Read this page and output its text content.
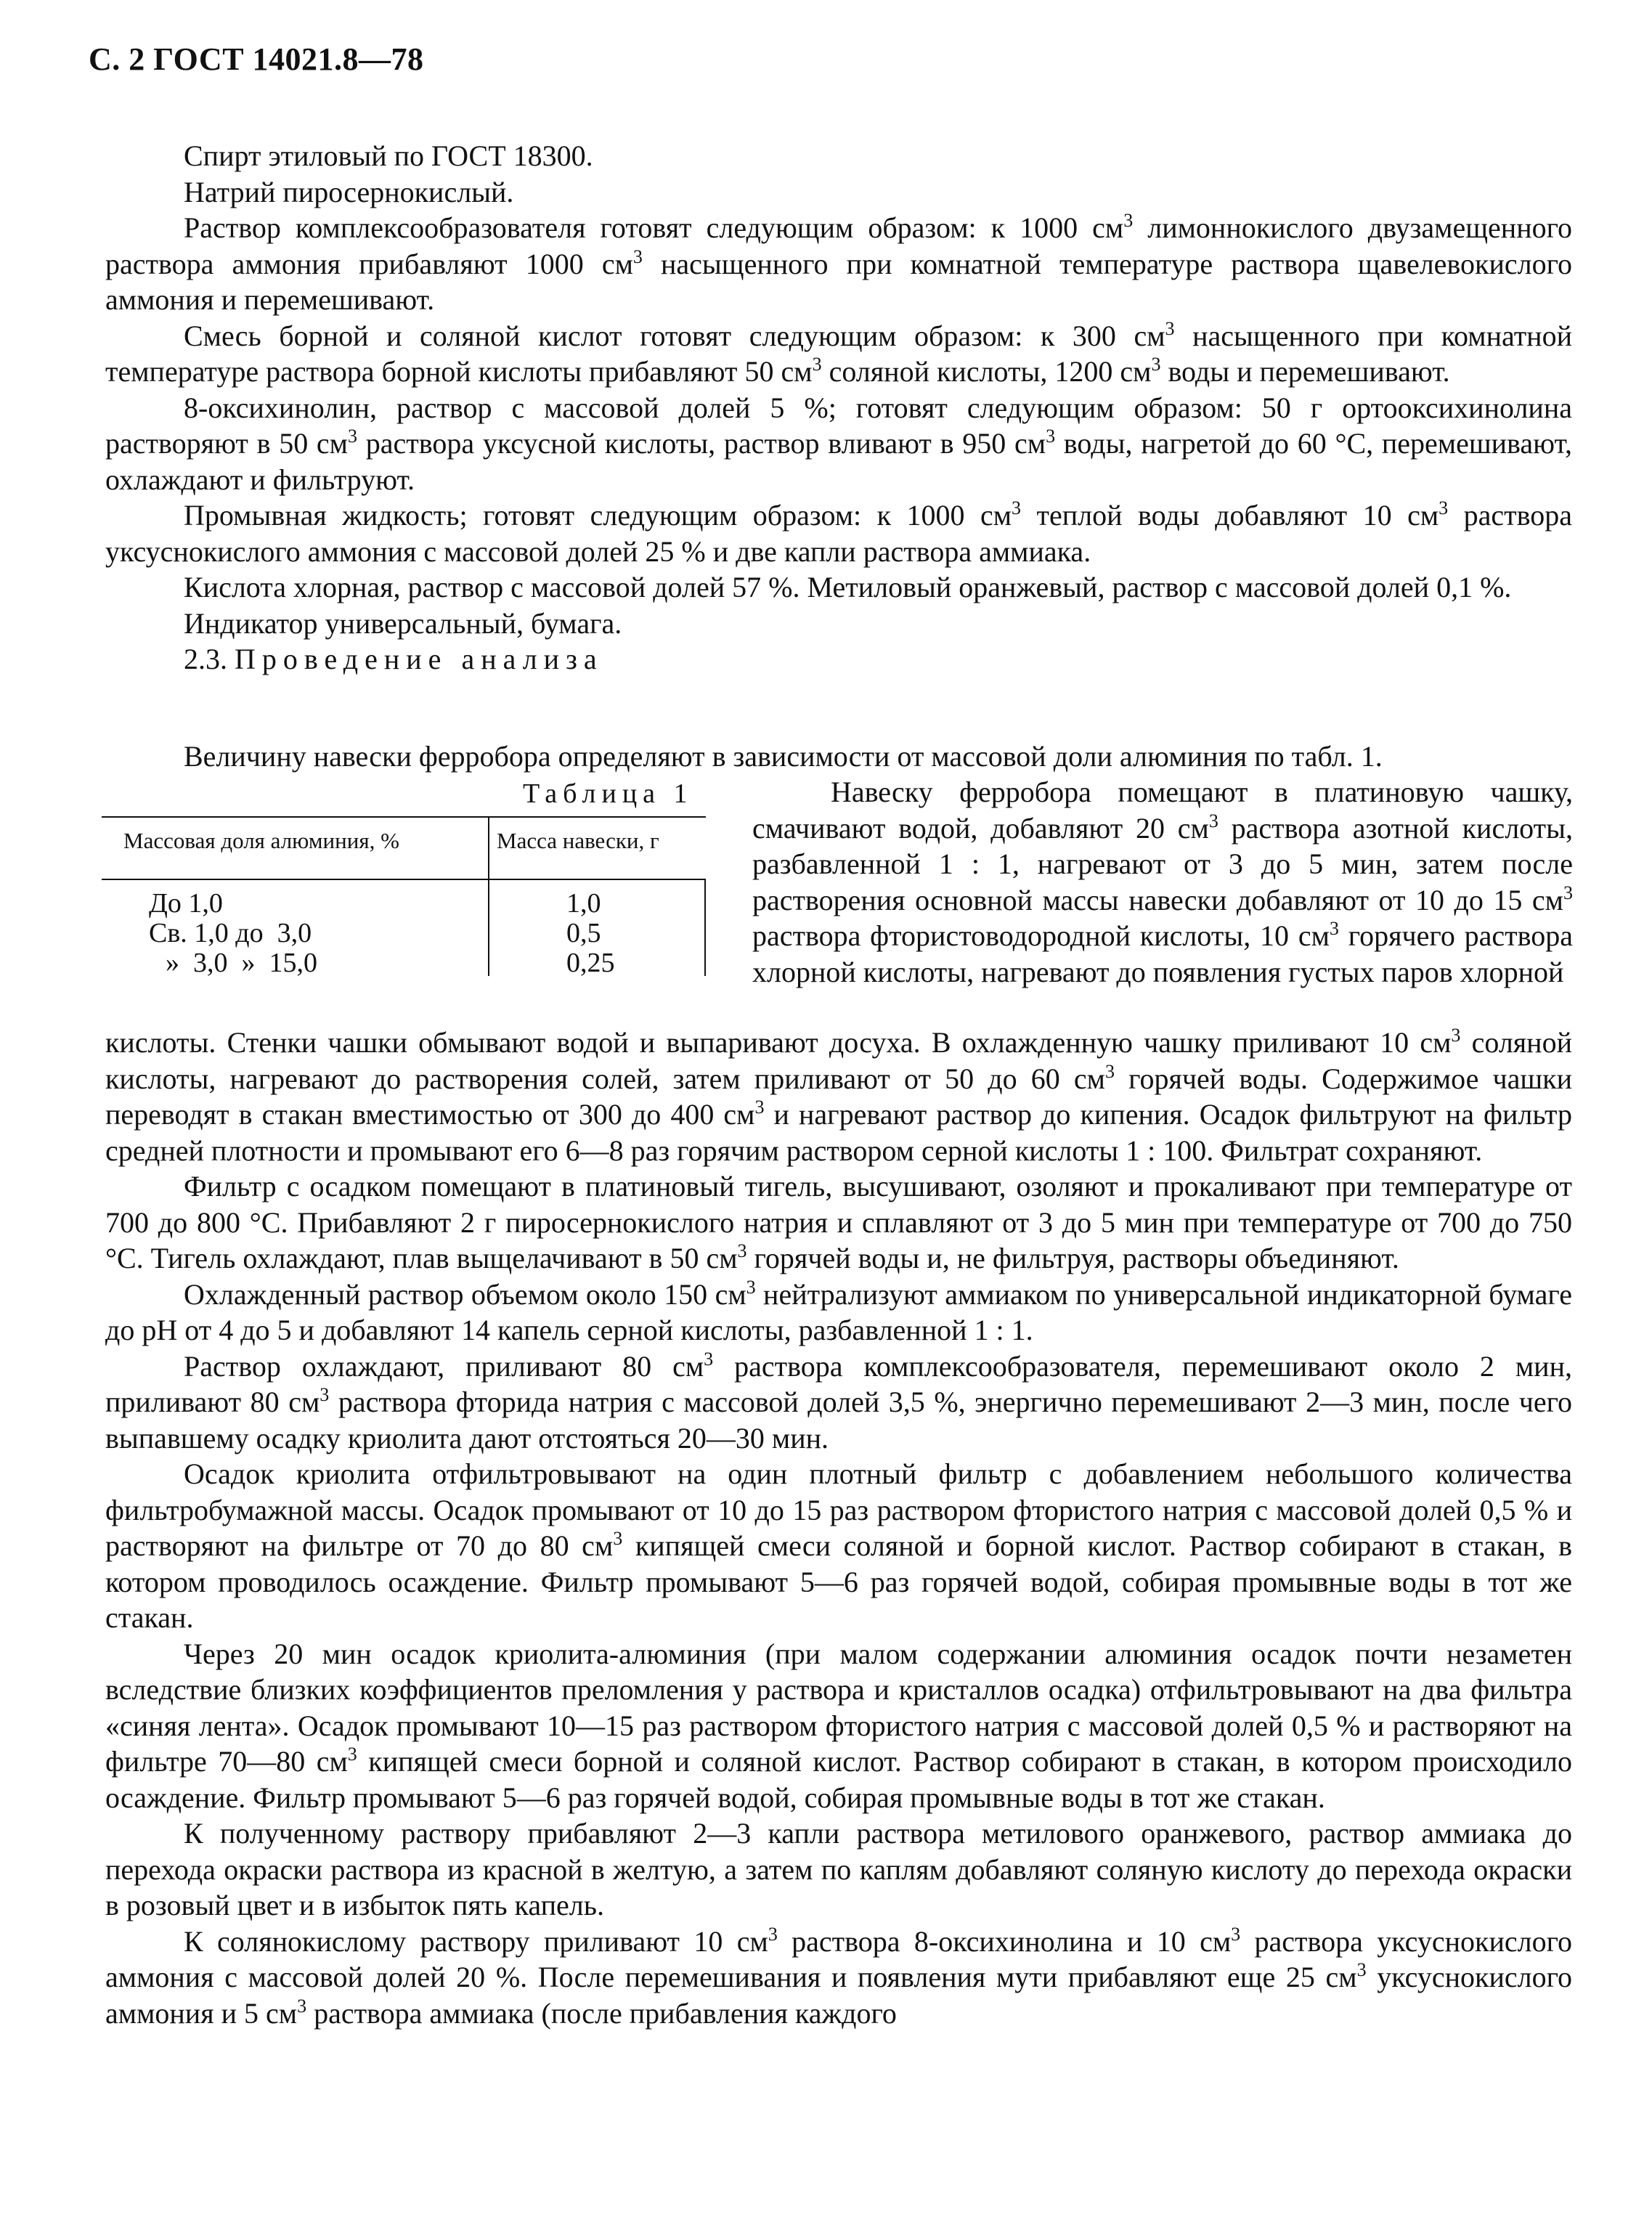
С. 2 ГОСТ 14021.8—78

Спирт этиловый по ГОСТ 18300.

Натрий пиросернокислый.

Раствор комплексообразователя готовят следующим образом: к 1000 $см^3$ лимоннокислого двузамещенного раствора аммония прибавляют 1000 $см^3$ насыщенного при комнатной температуре раствора щавелевокислого аммония и перемешивают.

Смесь борной и соляной кислот готовят следующим образом: к 300 $см^3$ насыщенного при комнатной температуре раствора борной кислоты прибавляют 50 $см^3$ соляной кислоты, 1200 $см^3$ воды и перемешивают.

8-оксихинолин, раствор с массовой долей 5 %; готовят следующим образом: 50 г ортооксихинолина растворяют в 50 $см^3$ раствора уксусной кислоты, раствор вливают в 950 $см^3$ воды, нагретой до 60 °С, перемешивают, охлаждают и фильтруют.

Промывная жидкость; готовят следующим образом: к 1000 $см^3$ теплой воды добавляют 10 $см^3$ раствора уксуснокислого аммония с массовой долей 25 % и две капли раствора аммиака.

Кислота хлорная, раствор с массовой долей 57 %. Метиловый оранжевый, раствор с массовой долей 0,1 %.

Индикатор универсальный, бумага.

2.3. Проведение анализа

Величину навески ферробора определяют в зависимости от массовой доли алюминия по табл. 1.
Таблица 1
Массовая доля алюминия, %	Масса навески, г
До 1,0	1,0
Св. 1,0 до  3,0	0,5
»  3,0  »  15,0	0,25

Навеску ферробора помещают в платиновую чашку, смачивают водой, добавляют 20 $см^3$ раствора азотной кислоты, разбавленной 1 : 1, нагревают от 3 до 5 мин, затем после растворения основной массы навески добавляют от 10 до 15 $см^3$ раствора фтористоводородной кислоты, 10 $см^3$ горячего раствора хлорной кислоты, нагревают до появления густых паров хлорной

кислоты. Стенки чашки обмывают водой и выпаривают досуха. В охлажденную чашку приливают 10 $см^3$ соляной кислоты, нагревают до растворения солей, затем приливают от 50 до 60 $см^3$ горячей воды. Содержимое чашки переводят в стакан вместимостью от 300 до 400 $см^3$ и нагревают раствор до кипения. Осадок фильтруют на фильтр средней плотности и промывают его 6—8 раз горячим раствором серной кислоты 1 : 100. Фильтрат сохраняют.

Фильтр с осадком помещают в платиновый тигель, высушивают, озоляют и прокаливают при температуре от 700 до 800 °С. Прибавляют 2 г пиросернокислого натрия и сплавляют от 3 до 5 мин при температуре от 700 до 750 °С. Тигель охлаждают, плав выщелачивают в 50 $см^3$ горячей воды и, не фильтруя, растворы объединяют.

Охлажденный раствор объемом около 150 $см^3$ нейтрализуют аммиаком по универсальной индикаторной бумаге до pH от 4 до 5 и добавляют 14 капель серной кислоты, разбавленной 1 : 1.

Раствор охлаждают, приливают 80 $см^3$ раствора комплексообразователя, перемешивают около 2 мин, приливают 80 $см^3$ раствора фторида натрия с массовой долей 3,5 %, энергично перемешивают 2—3 мин, после чего выпавшему осадку криолита дают отстояться 20—30 мин.

Осадок криолита отфильтровывают на один плотный фильтр с добавлением небольшого количества фильтробумажной массы. Осадок промывают от 10 до 15 раз раствором фтористого натрия с массовой долей 0,5 % и растворяют на фильтре от 70 до 80 $см^3$ кипящей смеси соляной и борной кислот. Раствор собирают в стакан, в котором проводилось осаждение. Фильтр промывают 5—6 раз горячей водой, собирая промывные воды в тот же стакан.

Через 20 мин осадок криолита-алюминия (при малом содержании алюминия осадок почти незаметен вследствие близких коэффициентов преломления у раствора и кристаллов осадка) отфильтровывают на два фильтра «синяя лента». Осадок промывают 10—15 раз раствором фтористого натрия с массовой долей 0,5 % и растворяют на фильтре 70—80 $см^3$ кипящей смеси борной и соляной кислот. Раствор собирают в стакан, в котором происходило осаждение. Фильтр промывают 5—6 раз горячей водой, собирая промывные воды в тот же стакан.

К полученному раствору прибавляют 2—3 капли раствора метилового оранжевого, раствор аммиака до перехода окраски раствора из красной в желтую, а затем по каплям добавляют соляную кислоту до перехода окраски в розовый цвет и в избыток пять капель.

К солянокислому раствору приливают 10 $см^3$ раствора 8-оксихинолина и 10 $см^3$ раствора уксуснокислого аммония с массовой долей 20 %. После перемешивания и появления мути прибавляют еще 25 $см^3$ уксуснокислого аммония и 5 $см^3$ раствора аммиака (после прибавления каждого
